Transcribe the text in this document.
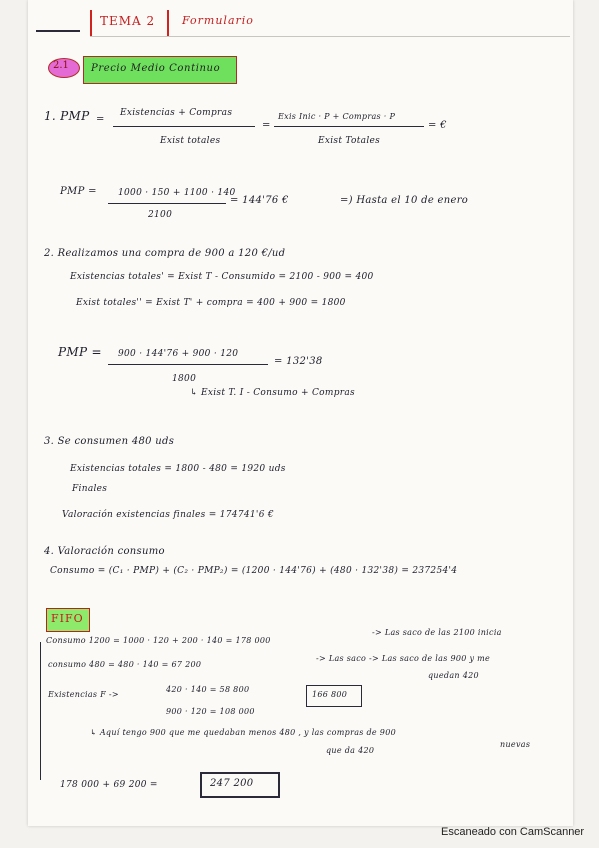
TEMA 2 Formulario
2.1 Precio Medio Continuo
1. PMP =
Existencias + Compras
Exist totales
=
Exis Inic · P + Compras · P
Exist Totales
= €
PMP = 1000 · 150 + 1100 · 140
2100
= 144'76 €	=) Hasta el 10 de enero
2. Realizamos una compra de 900 a 120 €/ud
Existencias totales' = Exist T - Consumido = 2100 - 900 = 400
Exist totales'' = Exist T' + compra = 400 + 900 = 1800
PMP = 900 · 144'76 + 900 · 120
1800
= 132'38
↳ Exist T. I - Consumo + Compras
3. Se consumen 480 uds
Existencias totales = 1800 - 480 = 1920 uds
Finales
Valoración existencias finales = 174741'6 €
4. Valoración consumo
Consumo = (C₁ · PMP) + (C₂ · PMP₂) = (1200 · 144'76) + (480 · 132'38) = 237254'4
FIFO
Consumo 1200 = 1000 · 120 + 200 · 140 = 178 000
-> Las saco de las 2100 inicia
consumo 480 = 480 · 140 = 67 200
-> Las saco -> Las saco de las 900 y me
quedan 420
Existencias F ->
420 · 140 = 58 800
900 · 120 = 108 000
166 800
↳ Aquí tengo 900 que me quedaban menos 480 , y las compras de 900
que da 420
nuevas
178 000 + 69 200 =	247 200
Escaneado con CamScanner
